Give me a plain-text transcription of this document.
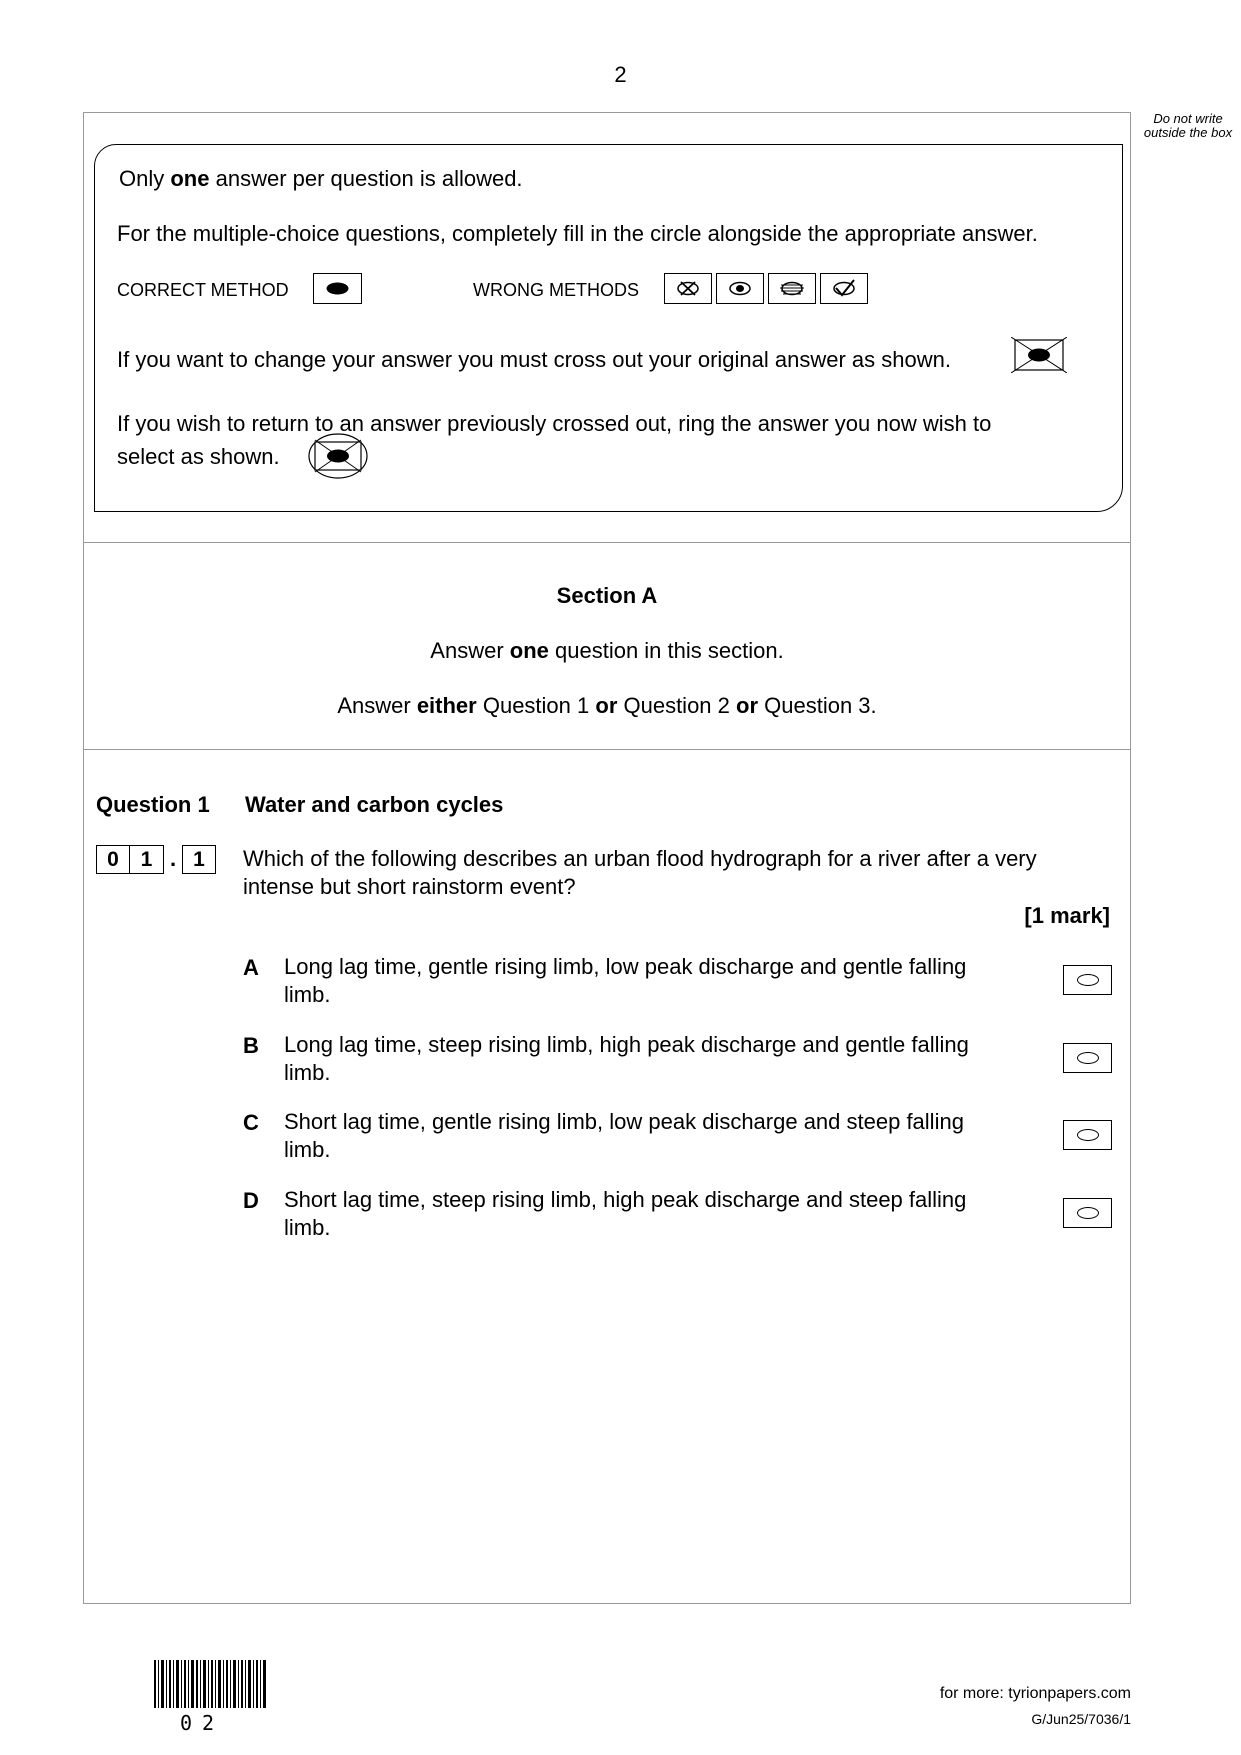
2
Do not write outside the box
Only one answer per question is allowed.
For the multiple-choice questions, completely fill in the circle alongside the appropriate answer.
CORRECT METHOD	WRONG METHODS
If you want to change your answer you must cross out your original answer as shown.
If you wish to return to an answer previously crossed out, ring the answer you now wish to
select as shown.
Section A
Answer one question in this section.
Answer either Question 1 or Question 2 or Question 3.
Question 1 Water and carbon cycles
0	1 . 1	Which of the following describes an urban flood hydrograph for a river after a very
intense but short rainstorm event?
[1 mark]
A Long lag time, gentle rising limb, low peak discharge and gentle falling limb.
B Long lag time, steep rising limb, high peak discharge and gentle falling limb.
C Short lag time, gentle rising limb, low peak discharge and steep falling limb.
D Short lag time, steep rising limb, high peak discharge and steep falling limb.
02
for more: tyrionpapers.com
G/Jun25/7036/1
